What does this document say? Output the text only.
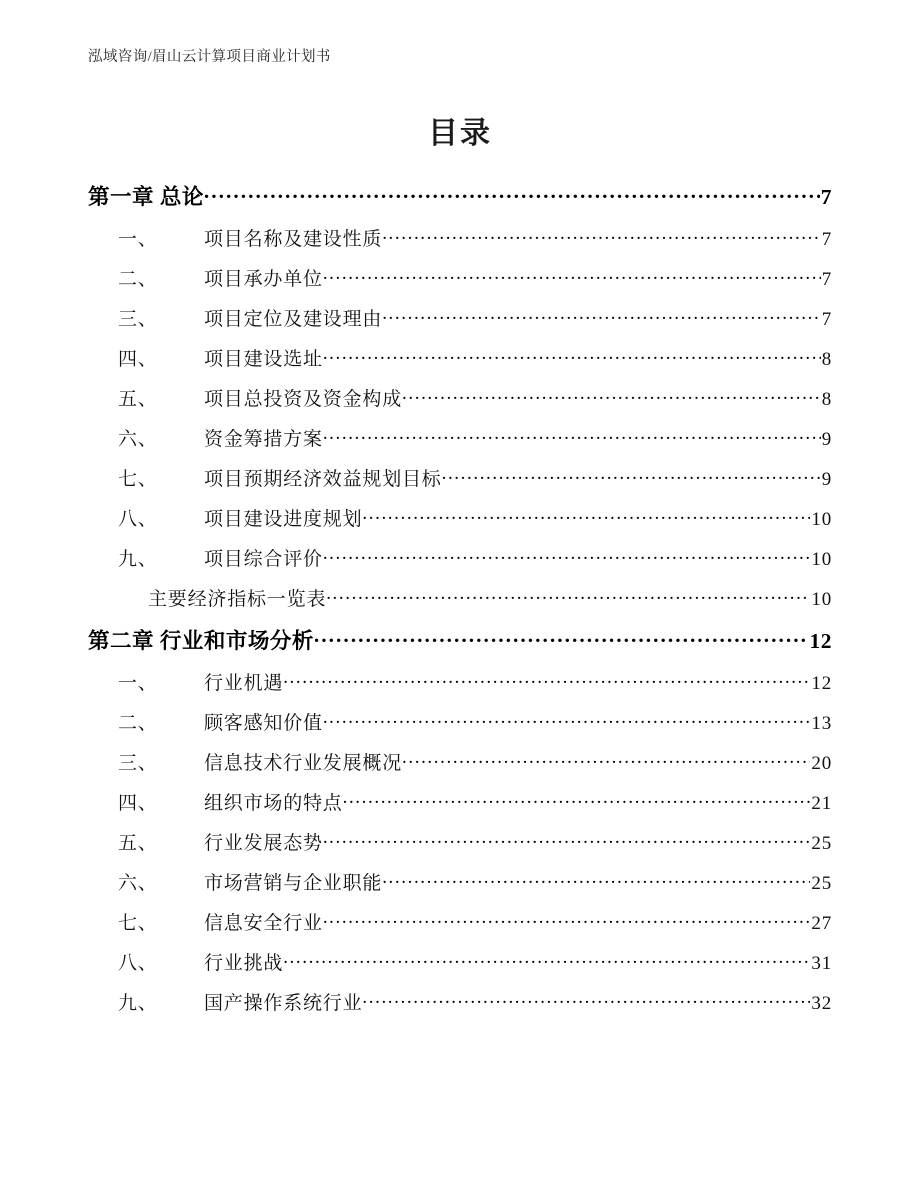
泓域咨询/眉山云计算项目商业计划书
目录
第一章 总论 .....	7
一、	项目名称及建设性质 .....	7
二、	项目承办单位 .....	7
三、	项目定位及建设理由 .....	7
四、	项目建设选址 .....	8
五、	项目总投资及资金构成 .....	8
六、	资金筹措方案 .....	9
七、	项目预期经济效益规划目标 .....	9
八、	项目建设进度规划 .....	10
九、	项目综合评价 .....	10
主要经济指标一览表 .....	10
第二章 行业和市场分析 .....	12
一、	行业机遇 .....	12
二、	顾客感知价值 .....	13
三、	信息技术行业发展概况 .....	20
四、	组织市场的特点 .....	21
五、	行业发展态势 .....	25
六、	市场营销与企业职能 .....	25
七、	信息安全行业 .....	27
八、	行业挑战 .....	31
九、	国产操作系统行业 .....	32
